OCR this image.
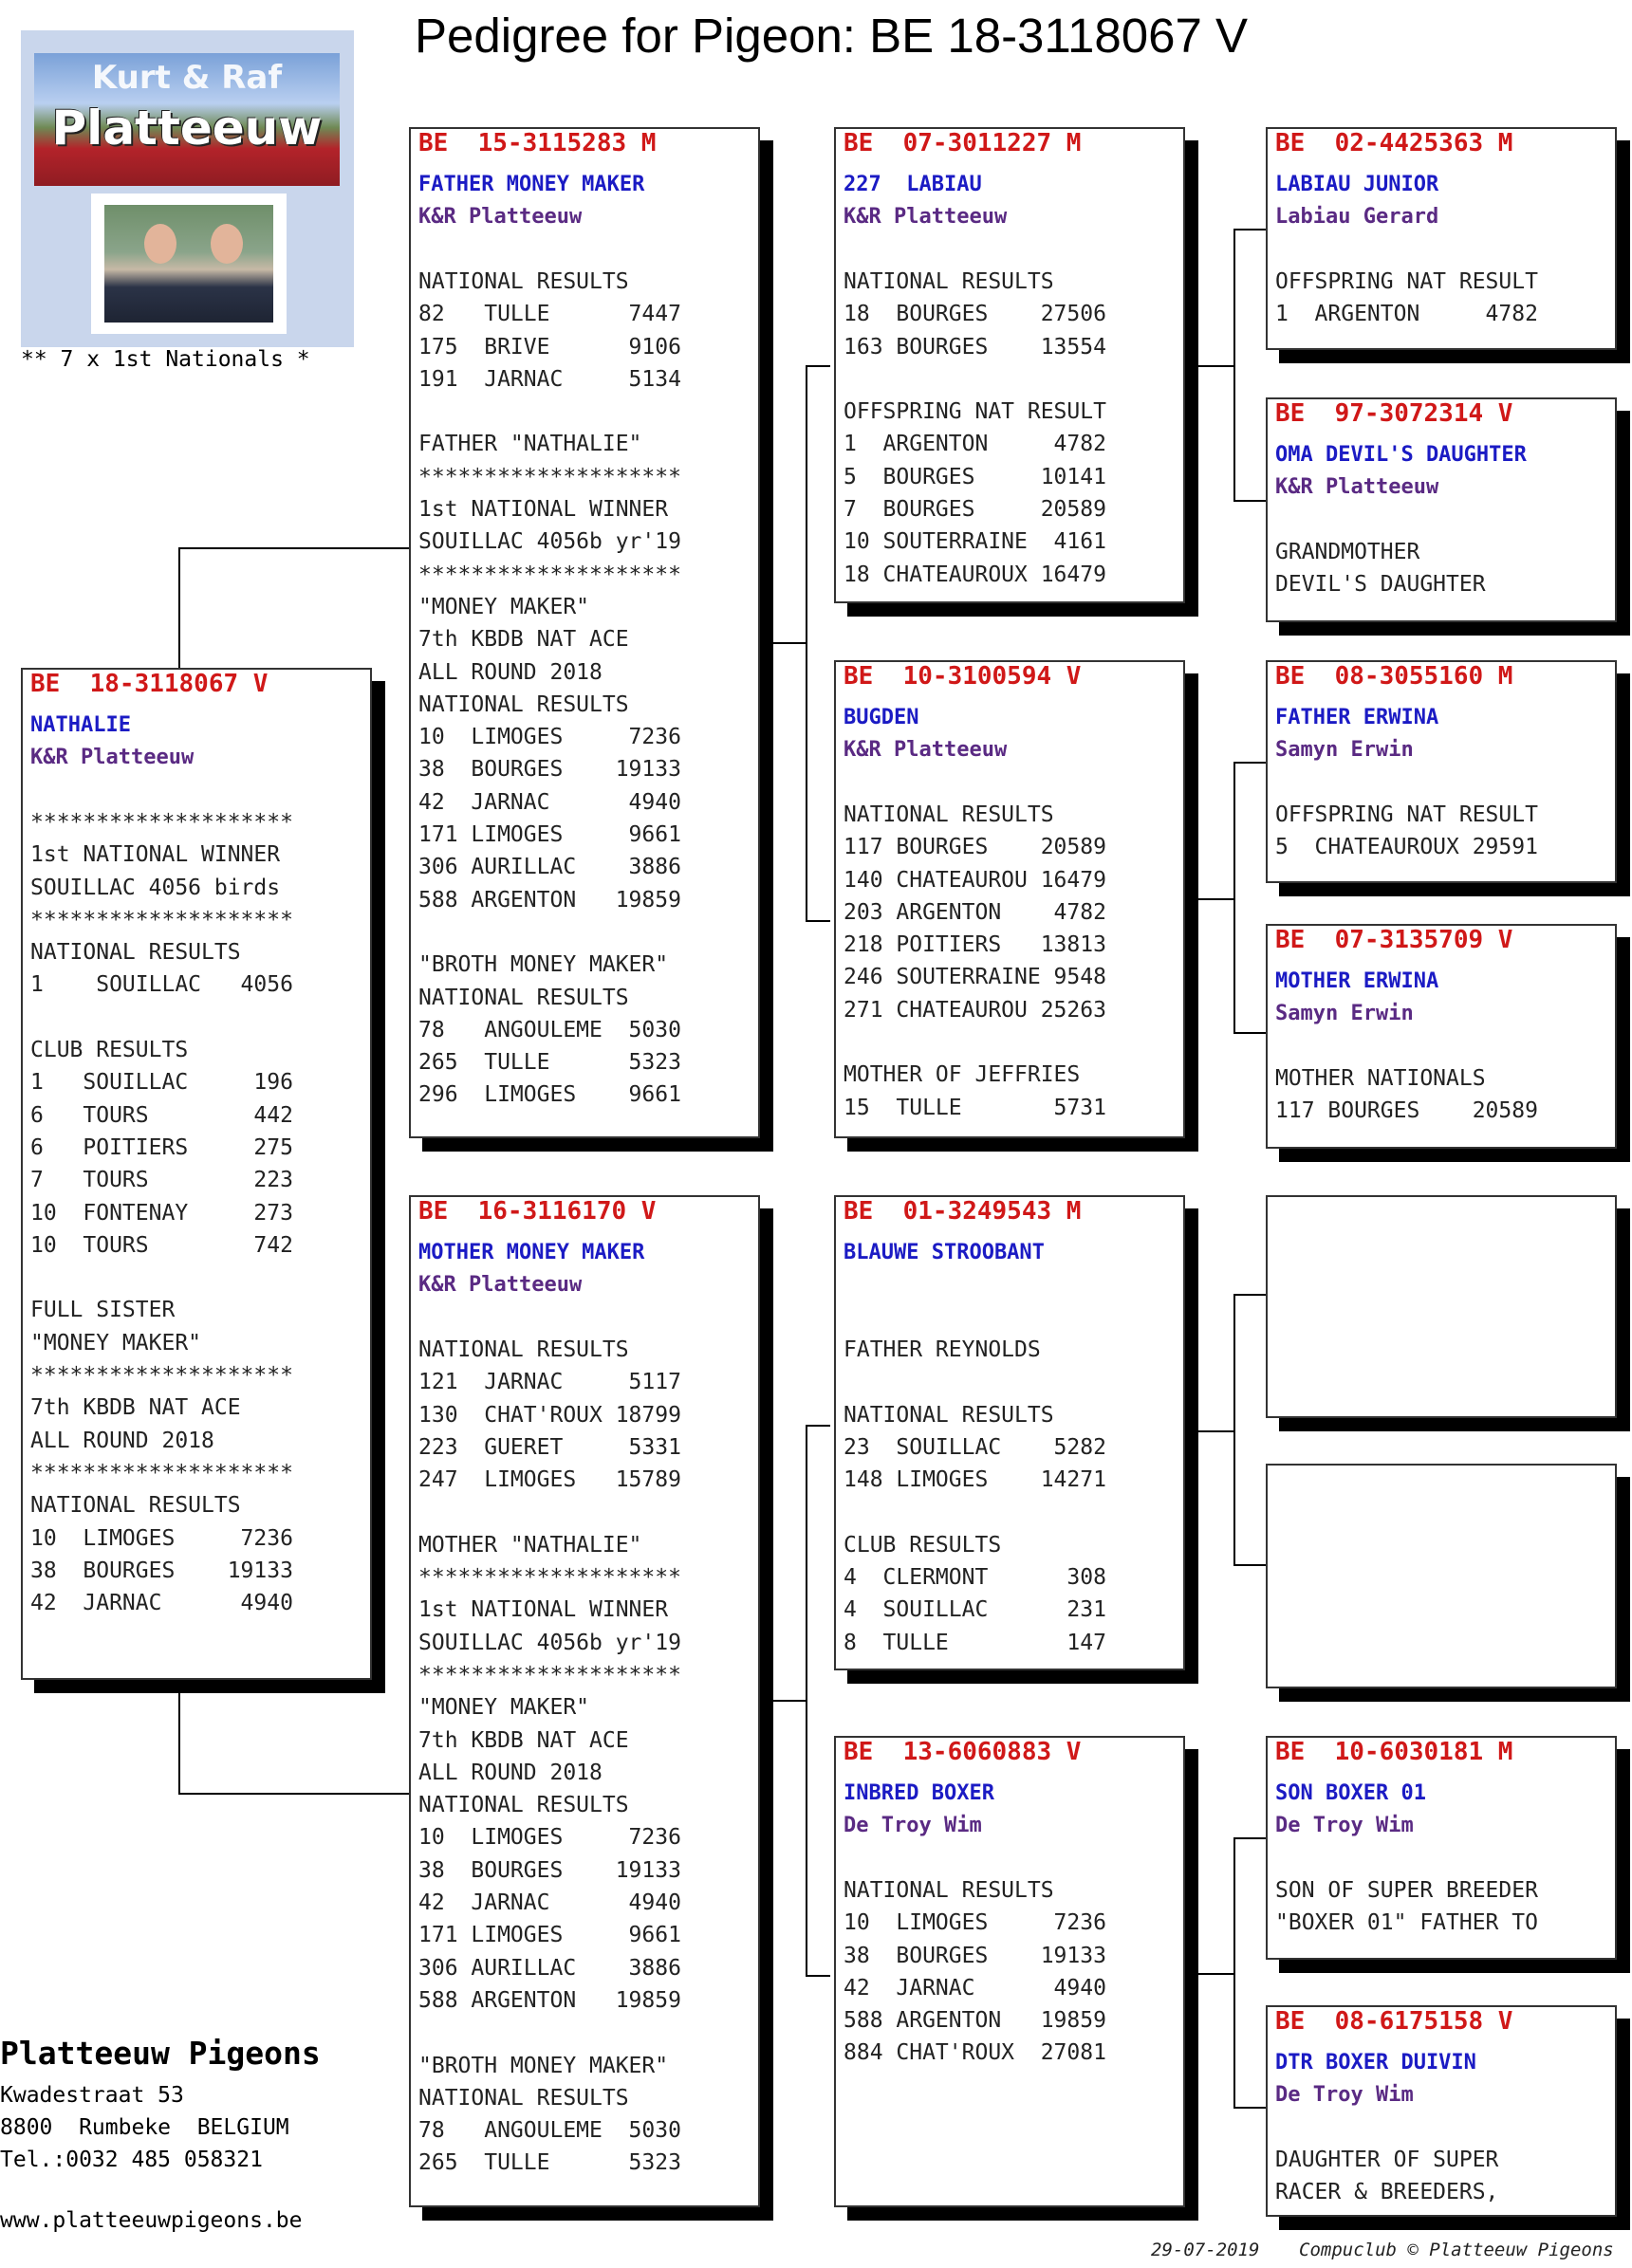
Pedigree for Pigeon: BE 18-3118067 V
Kurt & Raf
Platteeuw
** 7 x 1st Nationals *
BE  18-3118067 V
NATHALIE
K&R Platteeuw
********************
1st NATIONAL WINNER
SOUILLAC 4056 birds
********************
NATIONAL RESULTS
1    SOUILLAC   4056

CLUB RESULTS
1   SOUILLAC     196
6   TOURS        442
6   POITIERS     275
7   TOURS        223
10  FONTENAY     273
10  TOURS        742

FULL SISTER
"MONEY MAKER"
********************
7th KBDB NAT ACE
ALL ROUND 2018
********************
NATIONAL RESULTS
10  LIMOGES     7236
38  BOURGES    19133
42  JARNAC      4940
BE  15-3115283 M
FATHER MONEY MAKER
K&R Platteeuw
NATIONAL RESULTS
82   TULLE      7447
175  BRIVE      9106
191  JARNAC     5134

FATHER "NATHALIE"
********************
1st NATIONAL WINNER
SOUILLAC 4056b yr'19
********************
"MONEY MAKER"
7th KBDB NAT ACE
ALL ROUND 2018
NATIONAL RESULTS
10  LIMOGES     7236
38  BOURGES    19133
42  JARNAC      4940
171 LIMOGES     9661
306 AURILLAC    3886
588 ARGENTON   19859

"BROTH MONEY MAKER"
NATIONAL RESULTS
78   ANGOULEME  5030
265  TULLE      5323
296  LIMOGES    9661
BE  16-3116170 V
MOTHER MONEY MAKER
K&R Platteeuw
NATIONAL RESULTS
121  JARNAC     5117
130  CHAT'ROUX 18799
223  GUERET     5331
247  LIMOGES   15789

MOTHER "NATHALIE"
********************
1st NATIONAL WINNER
SOUILLAC 4056b yr'19
********************
"MONEY MAKER"
7th KBDB NAT ACE
ALL ROUND 2018
NATIONAL RESULTS
10  LIMOGES     7236
38  BOURGES    19133
42  JARNAC      4940
171 LIMOGES     9661
306 AURILLAC    3886
588 ARGENTON   19859

"BROTH MONEY MAKER"
NATIONAL RESULTS
78   ANGOULEME  5030
265  TULLE      5323
BE  07-3011227 M
227  LABIAU
K&R Platteeuw
NATIONAL RESULTS
18  BOURGES    27506
163 BOURGES    13554

OFFSPRING NAT RESULT
1  ARGENTON     4782
5  BOURGES     10141
7  BOURGES     20589
10 SOUTERRAINE  4161
18 CHATEAUROUX 16479
BE  10-3100594 V
BUGDEN
K&R Platteeuw
NATIONAL RESULTS
117 BOURGES    20589
140 CHATEAUROU 16479
203 ARGENTON    4782
218 POITIERS   13813
246 SOUTERRAINE 9548
271 CHATEAUROU 25263

MOTHER OF JEFFRIES
15  TULLE       5731
BE  01-3249543 M
BLAUWE STROOBANT
FATHER REYNOLDS

NATIONAL RESULTS
23  SOUILLAC    5282
148 LIMOGES    14271

CLUB RESULTS
4  CLERMONT      308
4  SOUILLAC      231
8  TULLE         147
BE  13-6060883 V
INBRED BOXER
De Troy Wim
NATIONAL RESULTS
10  LIMOGES     7236
38  BOURGES    19133
42  JARNAC      4940
588 ARGENTON   19859
884 CHAT'ROUX  27081
BE  02-4425363 M
LABIAU JUNIOR
Labiau Gerard
OFFSPRING NAT RESULT
1  ARGENTON     4782
BE  97-3072314 V
OMA DEVIL'S DAUGHTER
K&R Platteeuw
GRANDMOTHER
DEVIL'S DAUGHTER
BE  08-3055160 M
FATHER ERWINA
Samyn Erwin
OFFSPRING NAT RESULT
5  CHATEAUROUX 29591
BE  07-3135709 V
MOTHER ERWINA
Samyn Erwin
MOTHER NATIONALS
117 BOURGES    20589
BE  10-6030181 M
SON BOXER 01
De Troy Wim
SON OF SUPER BREEDER
"BOXER 01" FATHER TO
BE  08-6175158 V
DTR BOXER DUIVIN
De Troy Wim
DAUGHTER OF SUPER
RACER & BREEDERS,
Platteeuw Pigeons
Kwadestraat 53
8800  Rumbeke  BELGIUM
Tel.:0032 485 058321
www.platteeuwpigeons.be
29-07-2019 Compuclub © Platteeuw Pigeons
